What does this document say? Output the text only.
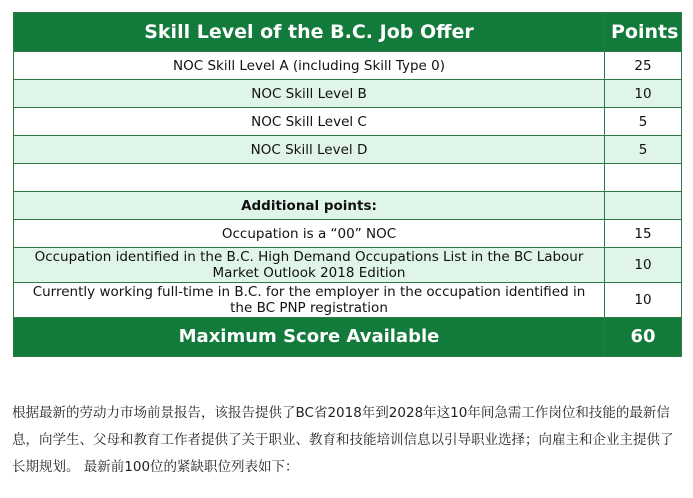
Skill Level of the B.C. Job Offer	Points
NOC Skill Level A (including Skill Type 0)	25
NOC Skill Level B	10
NOC Skill Level C	5
NOC Skill Level D	5

Additional points:	
Occupation is a “00” NOC	15
Occupation identified in the B.C. High Demand Occupations List in the BC Labour Market Outlook 2018 Edition	10
Currently working full-time in B.C. for the employer in the occupation identified in the BC PNP registration	10
Maximum Score Available	60

根据最新的劳动力市场前景报告，该报告提供了BC省2018年到2028年这10年间急需工作岗位和技能的最新信息，向学生、父母和教育工作者提供了关于职业、教育和技能培训信息以引导职业选择；向雇主和企业主提供了长期规划。 最新前100位的紧缺职位列表如下：
